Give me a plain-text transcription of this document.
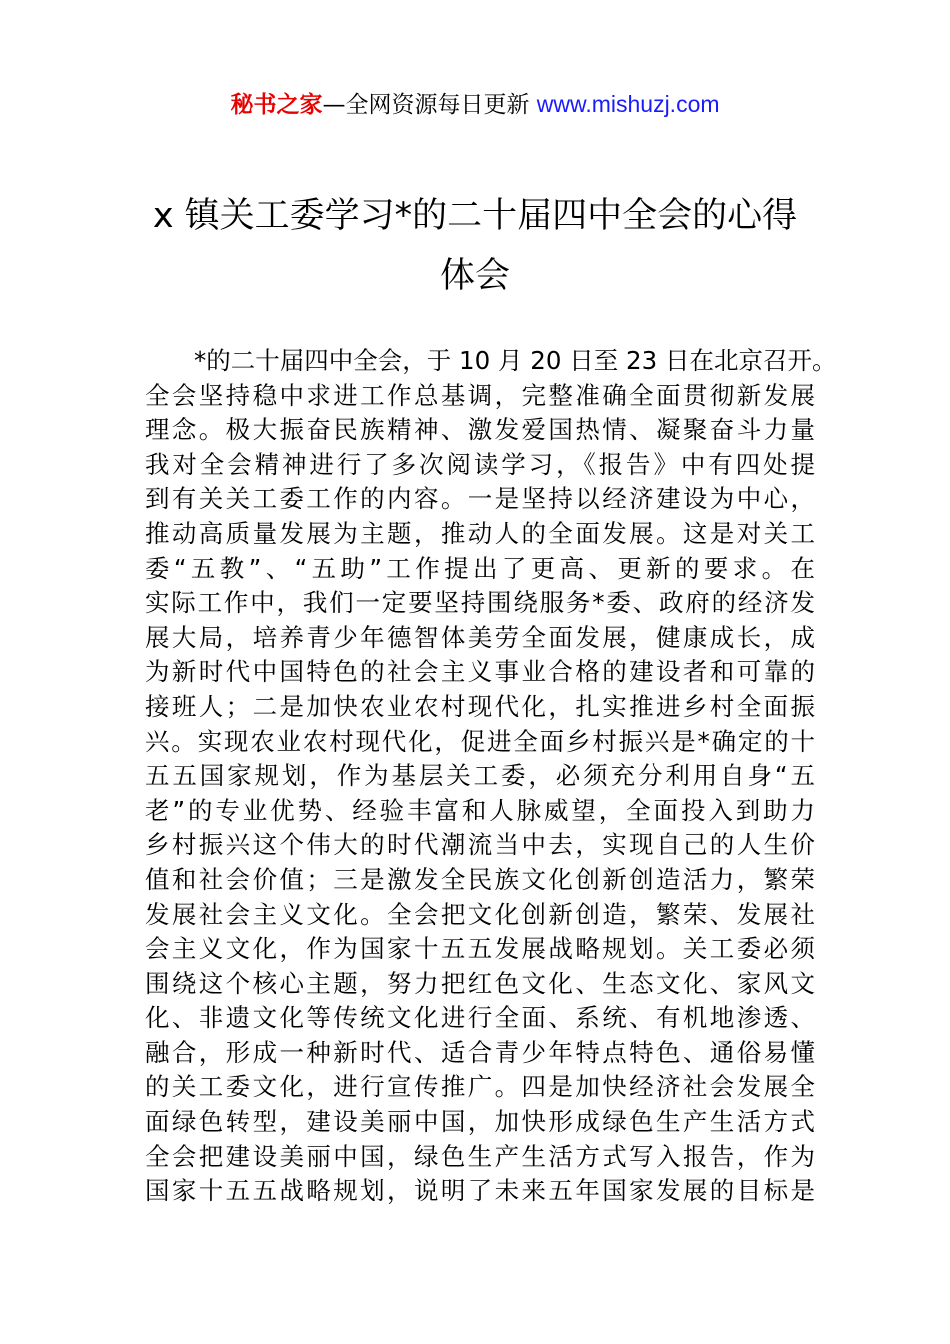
秘书之家—全网资源每日更新 www.mishuzj.com
x 镇关工委学习*的二十届四中全会的心得
体会
*的二十届四中全会，于 10 月 20 日至 23 日在北京召开。
全会坚持稳中求进工作总基调，完整准确全面贯彻新发展
理念。极大振奋民族精神、激发爱国热情、凝聚奋斗力量
我对全会精神进行了多次阅读学习，《报告》中有四处提
到有关关工委工作的内容。一是坚持以经济建设为中心，
推动高质量发展为主题，推动人的全面发展。这是对关工
委“五教”、“五助”工作提出了更高、更新的要求。在
实际工作中，我们一定要坚持围绕服务*委、政府的经济发
展大局，培养青少年德智体美劳全面发展，健康成长，成
为新时代中国特色的社会主义事业合格的建设者和可靠的
接班人；二是加快农业农村现代化，扎实推进乡村全面振
兴。实现农业农村现代化，促进全面乡村振兴是*确定的十
五五国家规划，作为基层关工委，必须充分利用自身“五
老”的专业优势、经验丰富和人脉威望，全面投入到助力
乡村振兴这个伟大的时代潮流当中去，实现自己的人生价
值和社会价值；三是激发全民族文化创新创造活力，繁荣
发展社会主义文化。全会把文化创新创造，繁荣、发展社
会主义文化，作为国家十五五发展战略规划。关工委必须
围绕这个核心主题，努力把红色文化、生态文化、家风文
化、非遗文化等传统文化进行全面、系统、有机地渗透、
融合，形成一种新时代、适合青少年特点特色、通俗易懂
的关工委文化，进行宣传推广。四是加快经济社会发展全
面绿色转型，建设美丽中国，加快形成绿色生产生活方式
全会把建设美丽中国，绿色生产生活方式写入报告，作为
国家十五五战略规划，说明了未来五年国家发展的目标是
